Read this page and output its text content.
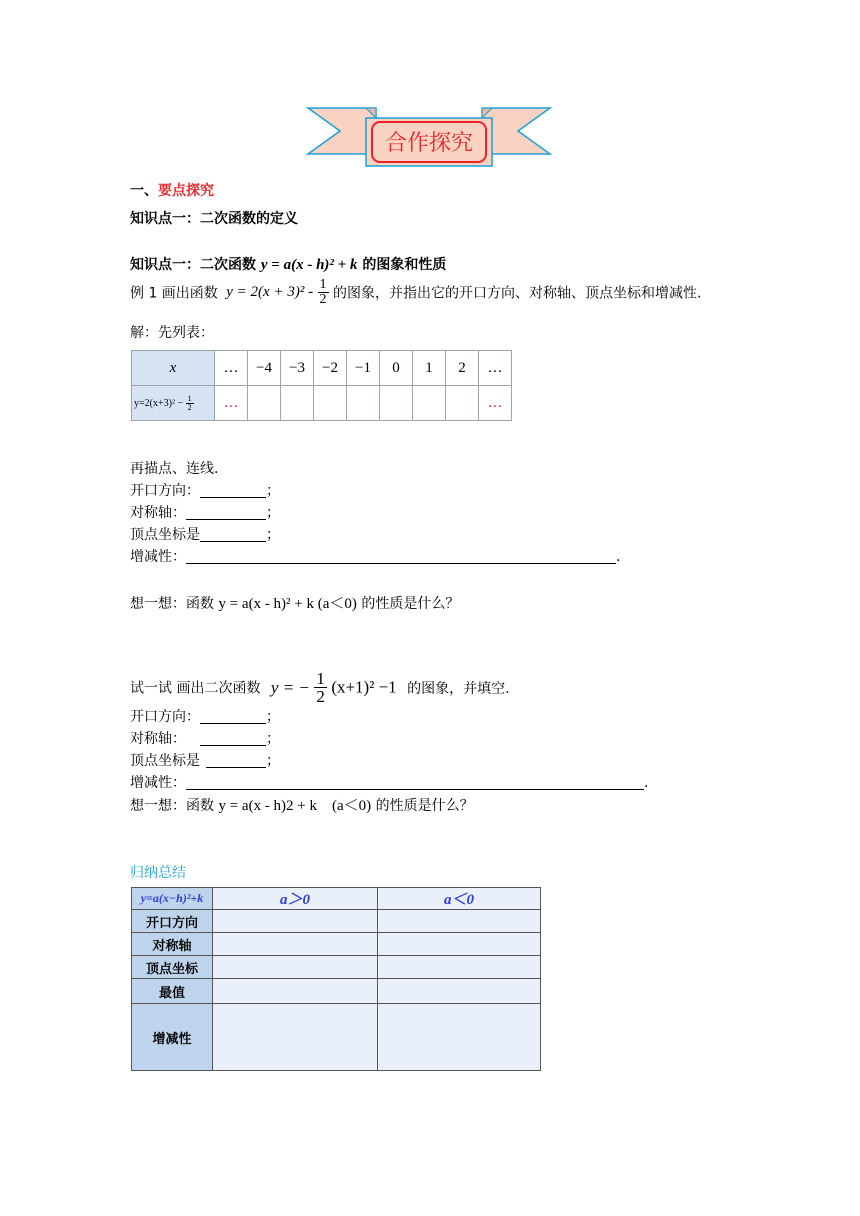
合作探究
一、要点探究
知识点一：二次函数的定义
知识点一：二次函数 y = a(x - h)² + k 的图象和性质
例 1 画出函数 $y = 2(x + 3)^2 - \frac{1}{2}$ 的图象，并指出它的开口方向、对称轴、顶点坐标和增减性.
解：先列表：
x	…	−4	−3	−2	−1	0	1	2	…
$y=2(x+3)^2 - \frac{1}{2}$	…								…
再描点、连线.
开口方向：	；
对称轴：	；
顶点坐标是	；
增减性：	.
想一想：函数 y = a(x - h)² + k (a＜0) 的性质是什么？
试一试 画出二次函数 y = − $\frac{1}{2} (x+1)^2 -1$ 的图象，并填空.
开口方向：	；
对称轴：	；
顶点坐标是	；
增减性：	.
想一想：函数 y = a(x - h)2 + k    (a＜0) 的性质是什么？
归纳总结
y=a(x−h)²+k	a＞0	a＜0
开口方向		
对称轴		
顶点坐标		
最值		
增减性		
